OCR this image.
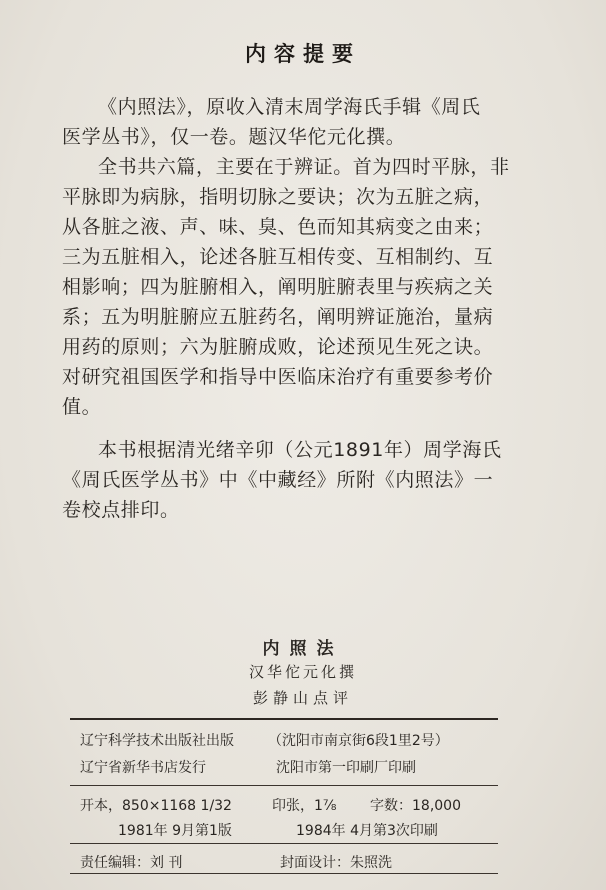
内容提要
《内照法》，原收入清末周学海氏手辑《周氏
医学丛书》，仅一卷。题汉华佗元化撰。
全书共六篇，主要在于辨证。首为四时平脉，非
平脉即为病脉，指明切脉之要诀；次为五脏之病，
从各脏之液、声、味、臭、色而知其病变之由来；
三为五脏相入，论述各脏互相传变、互相制约、互
相影响；四为脏腑相入，阐明脏腑表里与疾病之关
系；五为明脏腑应五脏药名，阐明辨证施治，量病
用药的原则；六为脏腑成败，论述预见生死之诀。
对研究祖国医学和指导中医临床治疗有重要参考价
值。
本书根据清光绪辛卯（公元1891年）周学海氏
《周氏医学丛书》中《中藏经》所附《内照法》一
卷校点排印。
内照法
汉华佗元化撰
彭静山点评
辽宁科学技术出版社出版 （沈阳市南京街6段1里2号）
辽宁省新华书店发行	沈阳市第一印刷厂印刷
开本，850×1168 1/32	印张，1⅞ 字数：18,000
1981年 9月第1版	1984年 4月第3次印刷
责任编辑：刘 刊	封面设计：朱照洗
